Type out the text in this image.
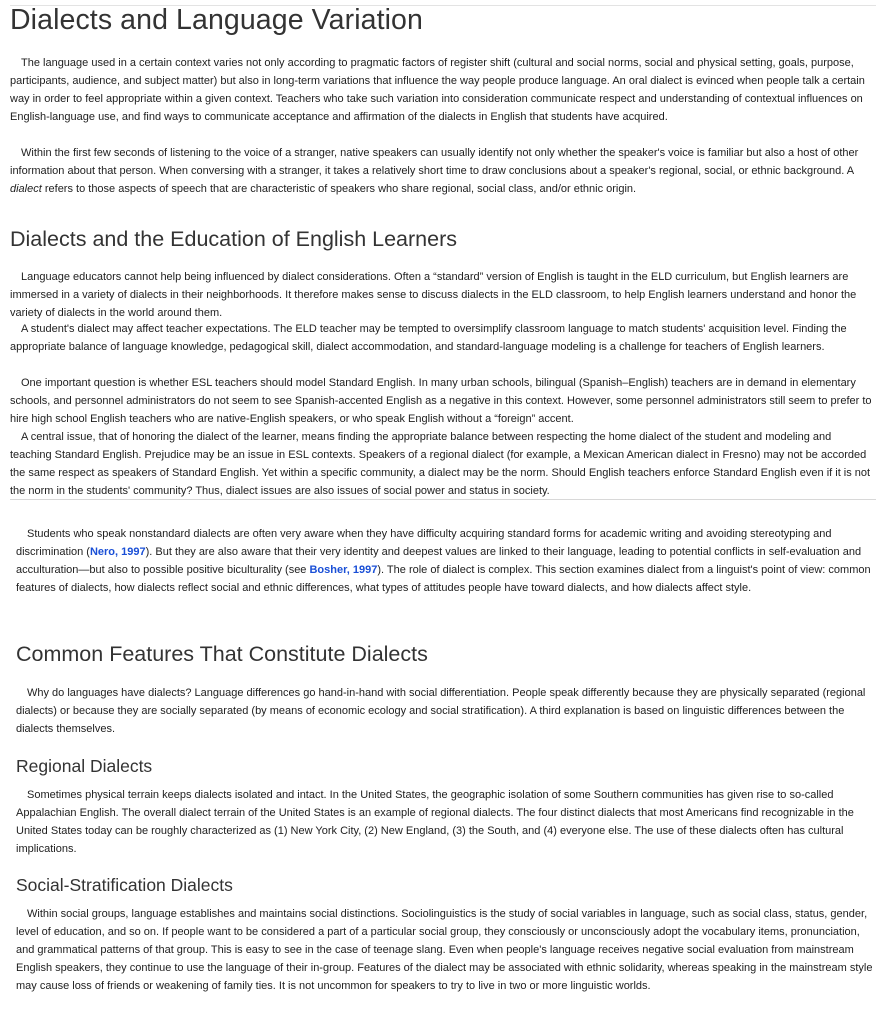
Dialects and Language Variation

The language used in a certain context varies not only according to pragmatic factors of register shift (cultural and social norms, social and physical setting, goals, purpose, participants, audience, and subject matter) but also in long-term variations that influence the way people produce language. An oral dialect is evinced when people talk a certain way in order to feel appropriate within a given context. Teachers who take such variation into consideration communicate respect and understanding of contextual influences on English-language use, and find ways to communicate acceptance and affirmation of the dialects in English that students have acquired.

Within the first few seconds of listening to the voice of a stranger, native speakers can usually identify not only whether the speaker's voice is familiar but also a host of other information about that person. When conversing with a stranger, it takes a relatively short time to draw conclusions about a speaker's regional, social, or ethnic background. A dialect refers to those aspects of speech that are characteristic of speakers who share regional, social class, and/or ethnic origin.

Dialects and the Education of English Learners

Language educators cannot help being influenced by dialect considerations. Often a “standard” version of English is taught in the ELD curriculum, but English learners are immersed in a variety of dialects in their neighborhoods. It therefore makes sense to discuss dialects in the ELD classroom, to help English learners understand and honor the variety of dialects in the world around them.

A student's dialect may affect teacher expectations. The ELD teacher may be tempted to oversimplify classroom language to match students' acquisition level. Finding the appropriate balance of language knowledge, pedagogical skill, dialect accommodation, and standard-language modeling is a challenge for teachers of English learners.

One important question is whether ESL teachers should model Standard English. In many urban schools, bilingual (Spanish–English) teachers are in demand in elementary schools, and personnel administrators do not seem to see Spanish-accented English as a negative in this context. However, some personnel administrators still seem to prefer to hire high school English teachers who are native-English speakers, or who speak English without a “foreign” accent.

A central issue, that of honoring the dialect of the learner, means finding the appropriate balance between respecting the home dialect of the student and modeling and teaching Standard English. Prejudice may be an issue in ESL contexts. Speakers of a regional dialect (for example, a Mexican American dialect in Fresno) may not be accorded the same respect as speakers of Standard English. Yet within a specific community, a dialect may be the norm. Should English teachers enforce Standard English even if it is not the norm in the students' community? Thus, dialect issues are also issues of social power and status in society.

Students who speak nonstandard dialects are often very aware when they have difficulty acquiring standard forms for academic writing and avoiding stereotyping and discrimination (Nero, 1997). But they are also aware that their very identity and deepest values are linked to their language, leading to potential conflicts in self-evaluation and acculturation—but also to possible positive biculturality (see Bosher, 1997). The role of dialect is complex. This section examines dialect from a linguist's point of view: common features of dialects, how dialects reflect social and ethnic differences, what types of attitudes people have toward dialects, and how dialects affect style.

Common Features That Constitute Dialects

Why do languages have dialects? Language differences go hand-in-hand with social differentiation. People speak differently because they are physically separated (regional dialects) or because they are socially separated (by means of economic ecology and social stratification). A third explanation is based on linguistic differences between the dialects themselves.

Regional Dialects

Sometimes physical terrain keeps dialects isolated and intact. In the United States, the geographic isolation of some Southern communities has given rise to so-called Appalachian English. The overall dialect terrain of the United States is an example of regional dialects. The four distinct dialects that most Americans find recognizable in the United States today can be roughly characterized as (1) New York City, (2) New England, (3) the South, and (4) everyone else. The use of these dialects often has cultural implications.

Social-Stratification Dialects

Within social groups, language establishes and maintains social distinctions. Sociolinguistics is the study of social variables in language, such as social class, status, gender, level of education, and so on. If people want to be considered a part of a particular social group, they consciously or unconsciously adopt the vocabulary items, pronunciation, and grammatical patterns of that group. This is easy to see in the case of teenage slang. Even when people's language receives negative social evaluation from mainstream English speakers, they continue to use the language of their in-group. Features of the dialect may be associated with ethnic solidarity, whereas speaking in the mainstream style may cause loss of friends or weakening of family ties. It is not uncommon for speakers to try to live in two or more linguistic worlds.
